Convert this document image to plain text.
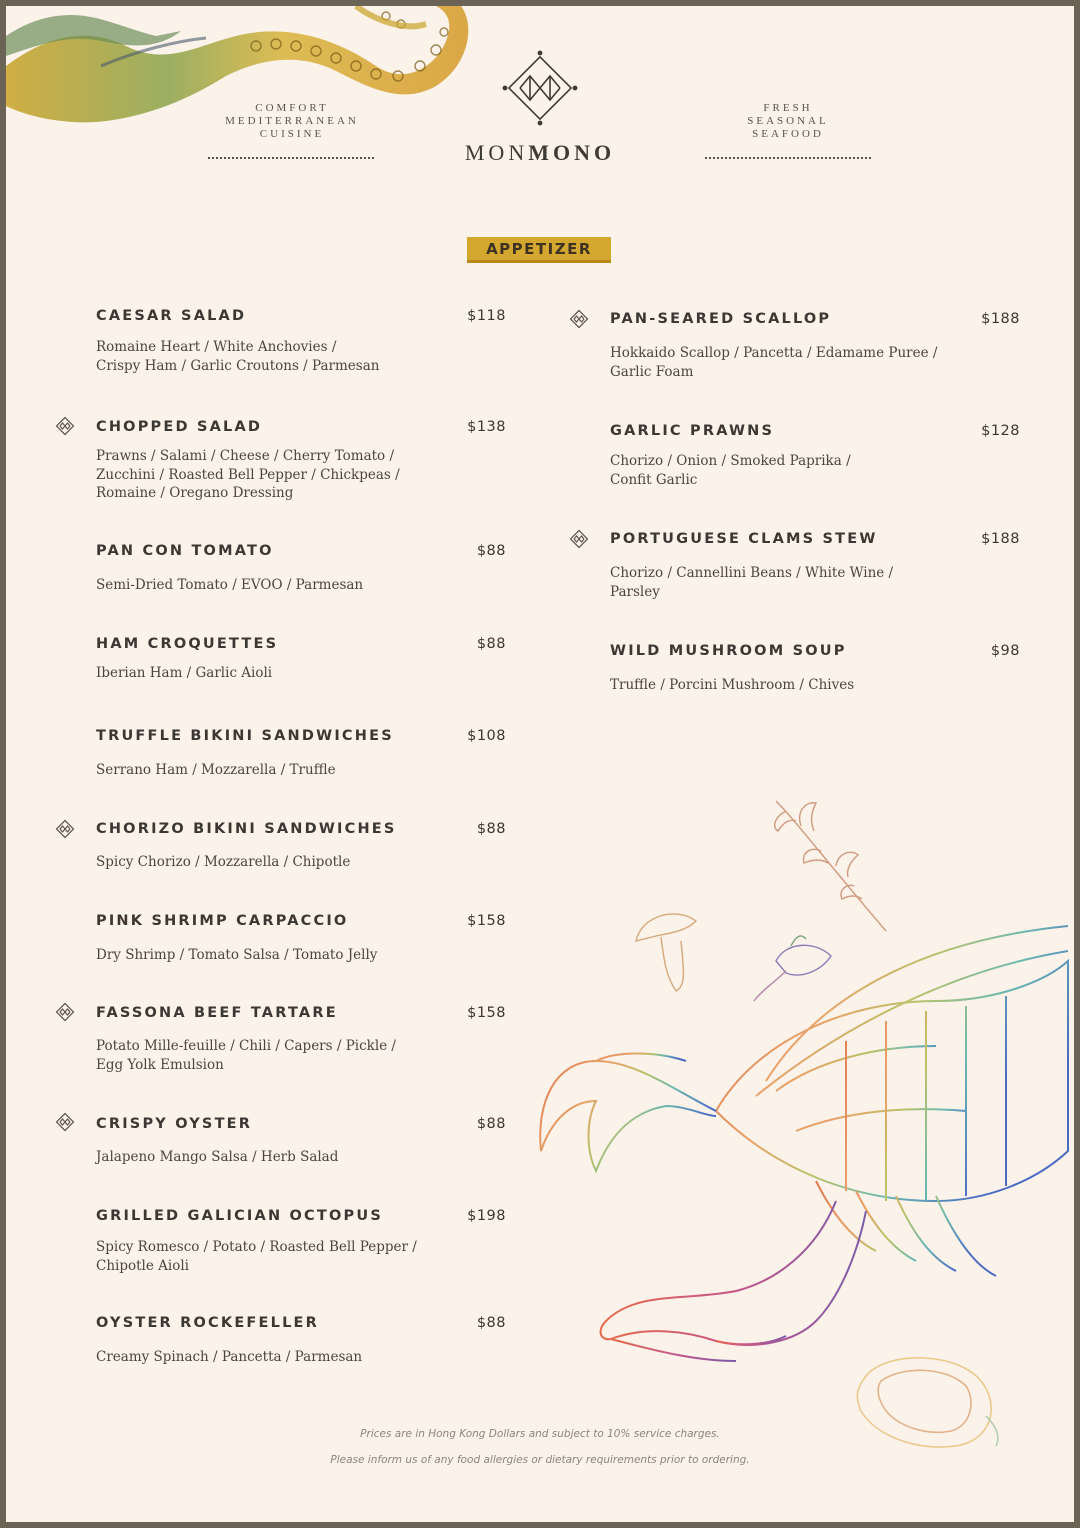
COMFORT
MEDITERRANEAN
CUISINE
FRESH
SEASONAL
SEAFOOD
MONMONO
APPETIZER
CAESAR SALAD	$118
Romaine Heart / White Anchovies /
Crispy Ham / Garlic Croutons / Parmesan
CHOPPED SALAD	$138
Prawns / Salami / Cheese / Cherry Tomato /
Zucchini / Roasted Bell Pepper / Chickpeas /
Romaine / Oregano Dressing
PAN CON TOMATO	$88
Semi-Dried Tomato / EVOO / Parmesan
HAM CROQUETTES	$88
Iberian Ham / Garlic Aioli
TRUFFLE BIKINI SANDWICHES	$108
Serrano Ham / Mozzarella / Truffle
CHORIZO BIKINI SANDWICHES	$88
Spicy Chorizo / Mozzarella / Chipotle
PINK SHRIMP CARPACCIO	$158
Dry Shrimp / Tomato Salsa / Tomato Jelly
FASSONA BEEF TARTARE	$158
Potato Mille-feuille / Chili / Capers / Pickle /
Egg Yolk Emulsion
CRISPY OYSTER	$88
Jalapeno Mango Salsa / Herb Salad
GRILLED GALICIAN OCTOPUS	$198
Spicy Romesco / Potato / Roasted Bell Pepper /
Chipotle Aioli
OYSTER ROCKEFELLER	$88
Creamy Spinach / Pancetta / Parmesan
PAN-SEARED SCALLOP	$188
Hokkaido Scallop / Pancetta / Edamame Puree /
Garlic Foam
GARLIC PRAWNS	$128
Chorizo / Onion / Smoked Paprika /
Confit Garlic
PORTUGUESE CLAMS STEW	$188
Chorizo / Cannellini Beans / White Wine /
Parsley
WILD MUSHROOM SOUP	$98
Truffle / Porcini Mushroom / Chives
Prices are in Hong Kong Dollars and subject to 10% service charges.
Please inform us of any food allergies or dietary requirements prior to ordering.
